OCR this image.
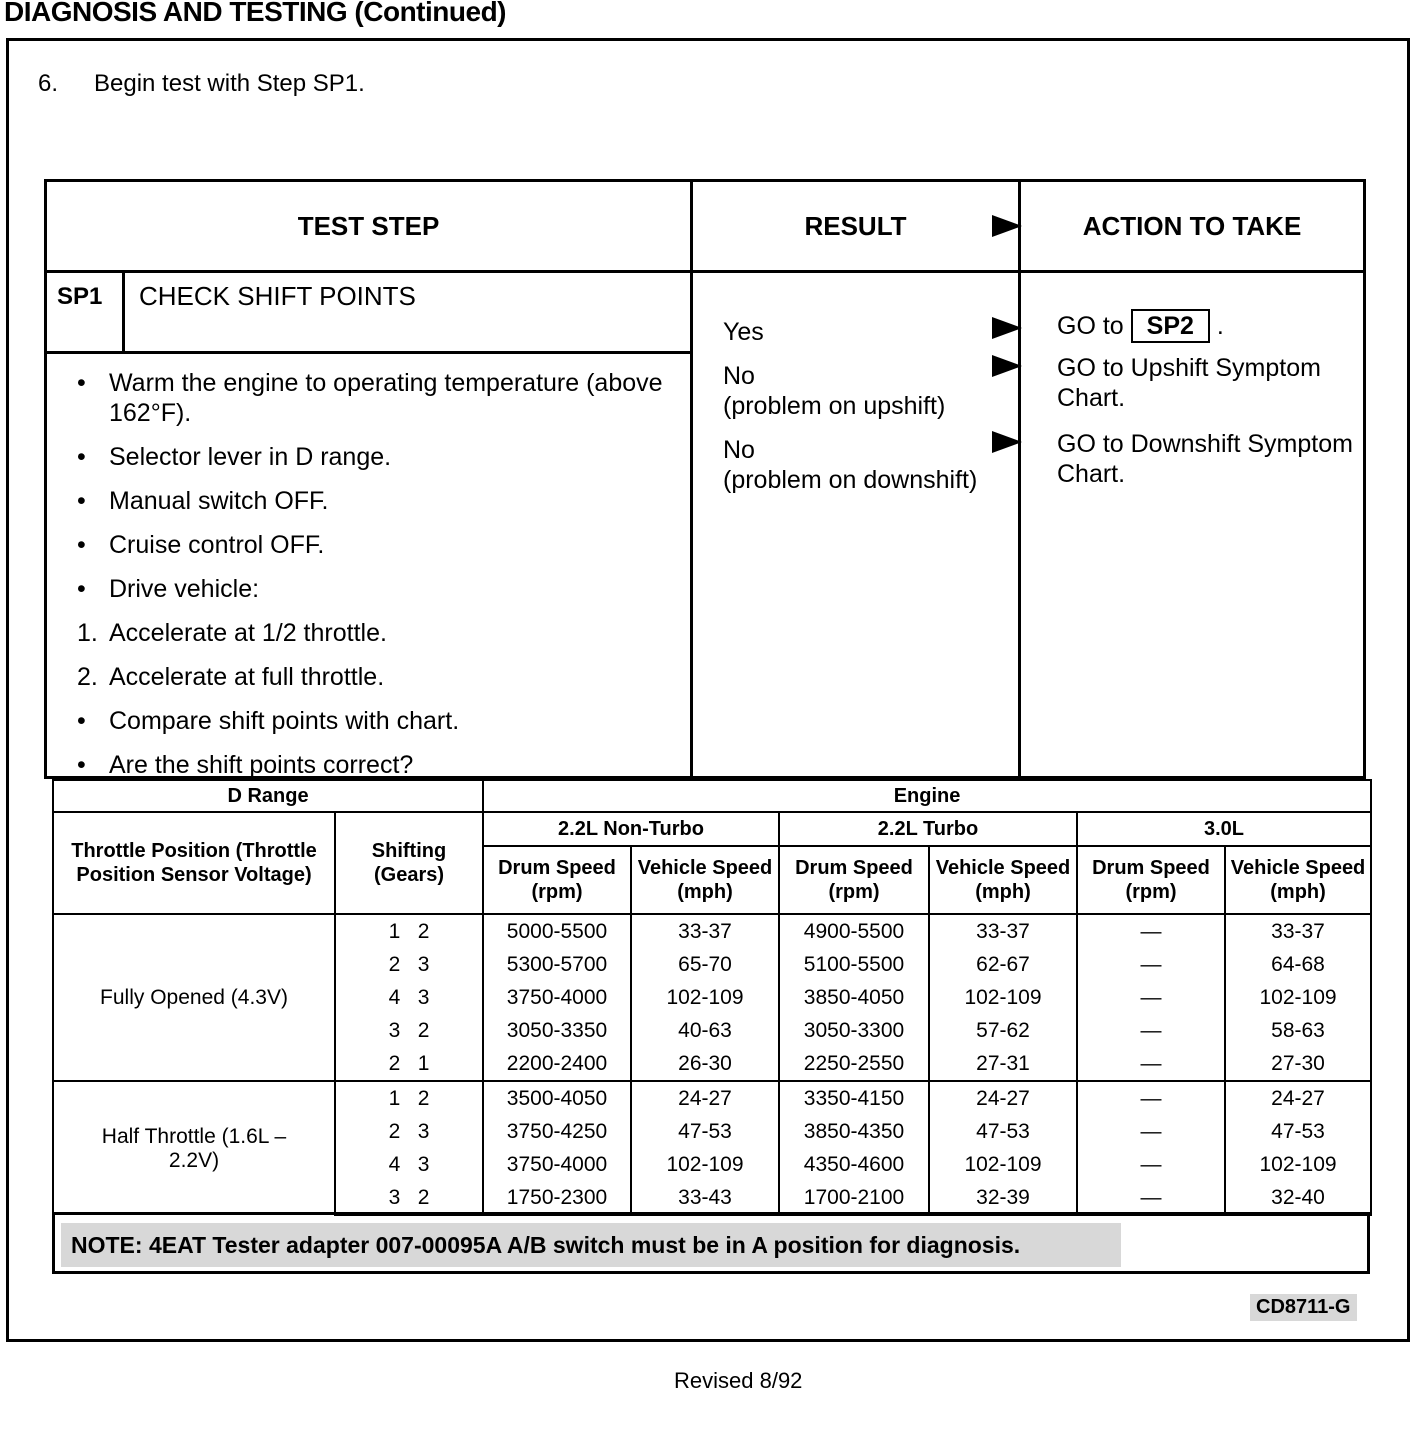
DIAGNOSIS AND TESTING (Continued)
6. Begin test with Step SP1.
TEST STEP
SP1	CHECK SHIFT POINTS
• Warm the engine to operating temperature (above 162°F).
• Selector lever in D range.
• Manual switch OFF.
• Cruise control OFF.
• Drive vehicle:
1. Accelerate at 1/2 throttle.
2. Accelerate at full throttle.
• Compare shift points with chart.
• Are the shift points correct?
RESULT
Yes
No
(problem on upshift)
No
(problem on downshift)
ACTION TO TAKE
GO to SP2 .
GO to Upshift Symptom Chart.
GO to Downshift Symptom Chart.
D Range		Engine					
Throttle Position (Throttle Position Sensor Voltage)	Shifting (Gears)	2.2L Non-Turbo		2.2L Turbo		3.0L	
		Drum Speed (rpm)	Vehicle Speed (mph)	Drum Speed (rpm)	Vehicle Speed (mph)	Drum Speed (rpm)	Vehicle Speed (mph)
Fully Opened (4.3V)	1   2	5000-5500	33-37	4900-5500	33-37	—	33-37
	2   3	5300-5700	65-70	5100-5500	62-67	—	64-68
	4   3	3750-4000	102-109	3850-4050	102-109	—	102-109
	3   2	3050-3350	40-63	3050-3300	57-62	—	58-63
	2   1	2200-2400	26-30	2250-2550	27-31	—	27-30
Half Throttle (1.6L – 2.2V)	1   2	3500-4050	24-27	3350-4150	24-27	—	24-27
	2   3	3750-4250	47-53	3850-4350	47-53	—	47-53
	4   3	3750-4000	102-109	4350-4600	102-109	—	102-109
	3   2	1750-2300	33-43	1700-2100	32-39	—	32-40
NOTE: 4EAT Tester adapter 007-00095A A/B switch must be in A position for diagnosis.
CD8711-G
Revised 8/92
